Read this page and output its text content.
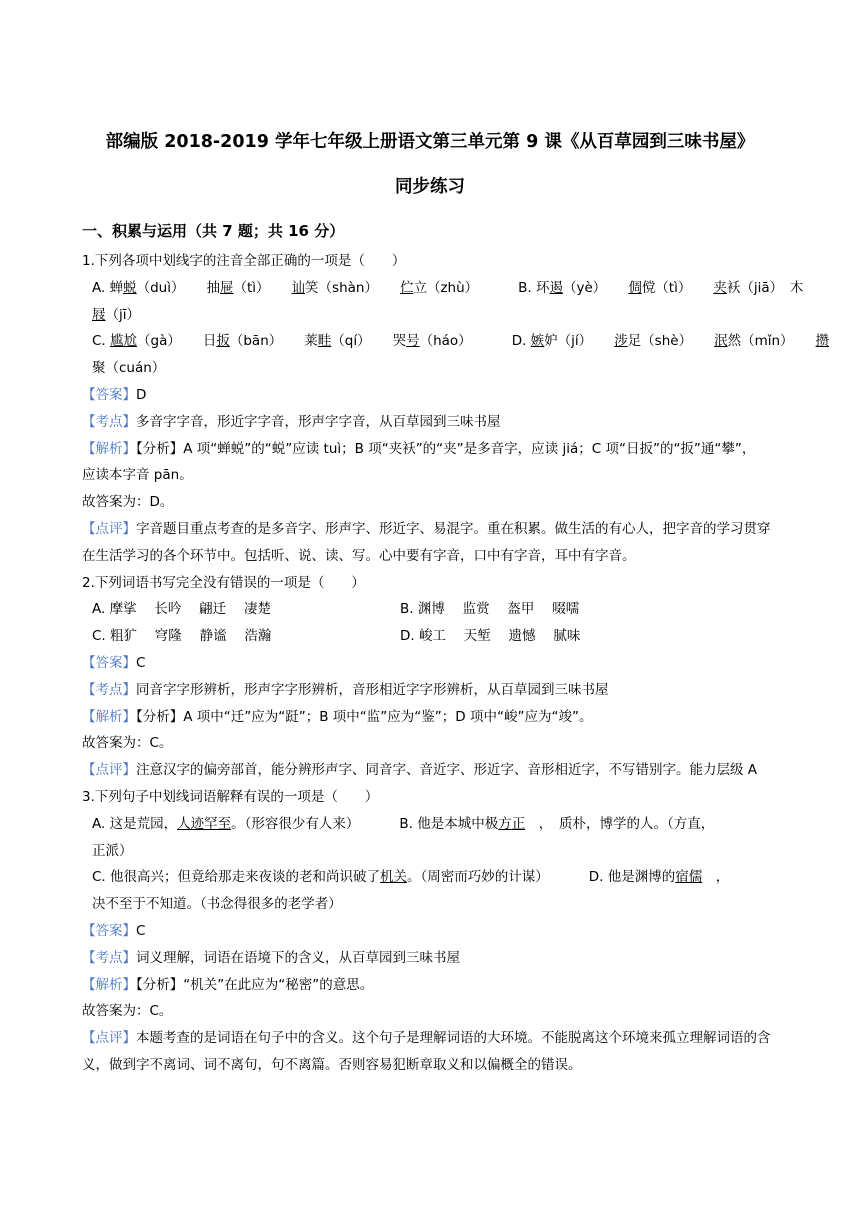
部编版 2018-2019 学年七年级上册语文第三单元第 9 课《从百草园到三味书屋》
同步练习
一、积累与运用（共 7 题；共 16 分）
1.下列各项中划线字的注音全部正确的一项是（　　）
A. 蝉蜕（duì） 抽屉（tì） 讪笑（shàn） 伫立（zhù）	B. 环遏（yè） 倜傥（tì） 夹袄（jiā）　木
屐（jī）
C. 尴尬（gà） 日扳（bān） 莱畦（qí） 哭号（háo）	D. 嫉妒（jí） 涉足（shè） 泯然（mǐn） 攒
聚（cuán）
【答案】D
【考点】多音字字音，形近字字音，形声字字音，从百草园到三味书屋
【解析】【分析】A 项“蝉蜕”的“蜕”应读 tuì；B 项“夹袄”的“夹”是多音字，应读 jiá；C 项“日扳”的“扳”通“攀”，
应读本字音 pān。
故答案为：D。
【点评】字音题目重点考查的是多音字、形声字、形近字、易混字。重在积累。做生活的有心人，把字音的学习贯穿在生活学习的各个环节中。包括听、说、读、写。心中要有字音，口中有字音，耳中有字音。
2.下列词语书写完全没有错误的一项是（　　）
A. 摩挲　 长吟　 翩迁　 凄楚	B. 渊博　 监赏　 盔甲　 啜嚅
C. 粗犷　 穹隆　 静谧　 浩瀚	D. 峻工　 天堑　 遗憾　 腻味
【答案】C
【考点】同音字字形辨析，形声字字形辨析，音形相近字字形辨析，从百草园到三味书屋
【解析】【分析】A 项中“迁”应为“跹”；B 项中“监”应为“鉴”；D 项中“峻”应为“竣”。
故答案为：C。
【点评】注意汉字的偏旁部首，能分辨形声字、同音字、音近字、形近字、音形相近字，不写错别字。能力层级 A
3.下列句子中划线词语解释有误的一项是（　　）
A. 这是荒园，人迹罕至。（形容很少有人来）	B. 他是本城中极方正　，　质朴，博学的人。（方直，
正派）
C. 他很高兴；但竟给那走来夜谈的老和尚识破了机关。（周密而巧妙的计谋）	D. 他是渊博的宿儒　，
决不至于不知道。（书念得很多的老学者）
【答案】C
【考点】词义理解，词语在语境下的含义，从百草园到三味书屋
【解析】【分析】“机关”在此应为“秘密”的意思。
故答案为：C。
【点评】本题考查的是词语在句子中的含义。这个句子是理解词语的大环境。不能脱离这个环境来孤立理解词语的含义，做到字不离词、词不离句，句不离篇。否则容易犯断章取义和以偏概全的错误。
